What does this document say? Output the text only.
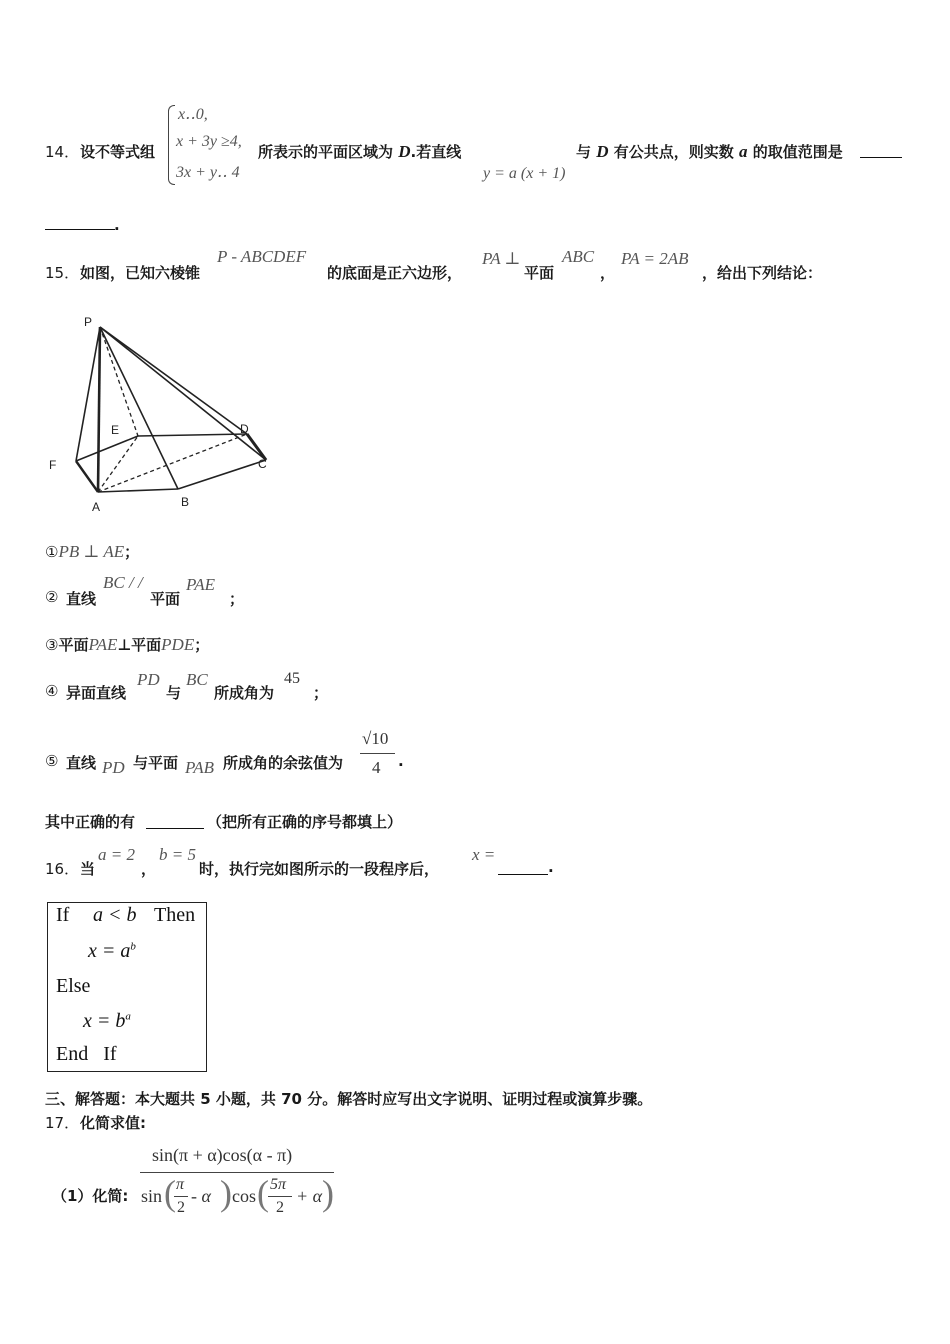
14． 设不等式组
x‥0,
x + 3y ≥4,
3x + y‥ 4
所表示的平面区域为 D.若直线
y = a (x + 1)
与 D 有公共点，则实数 a 的取值范围是
.
15． 如图，已知六棱锥
P - ABCDEF
的底面是正六边形，
PA ⊥
平面
ABC
，
PA = 2AB
，给出下列结论：
P
E	D
F	C
A	B
①PB ⊥ AE；
② 直线
BC / /
平面
PAE
；
③平面PAE⊥平面PDE；
④ 异面直线
PD
与
BC
所成角为
45
；
⑤ 直线 PD 与平面 PAB 所成角的余弦值为
√10
4 .
其中正确的有	（把所有正确的序号都填上）
16． 当
a = 2
，
b = 5
时，执行完如图所示的一段程序后，
x =
.
If a < b Then
$x = a^b$
Else
$x = b^a$
End   If
三、解答题：本大题共 5 小题，共 70 分。解答时应写出文字说明、证明过程或演算步骤。
17． 化简求值:
（1）化简:
sin(π + α)cos(α - π)
sin ( π
2
- α ) cos ( 5π
2
+ α )
